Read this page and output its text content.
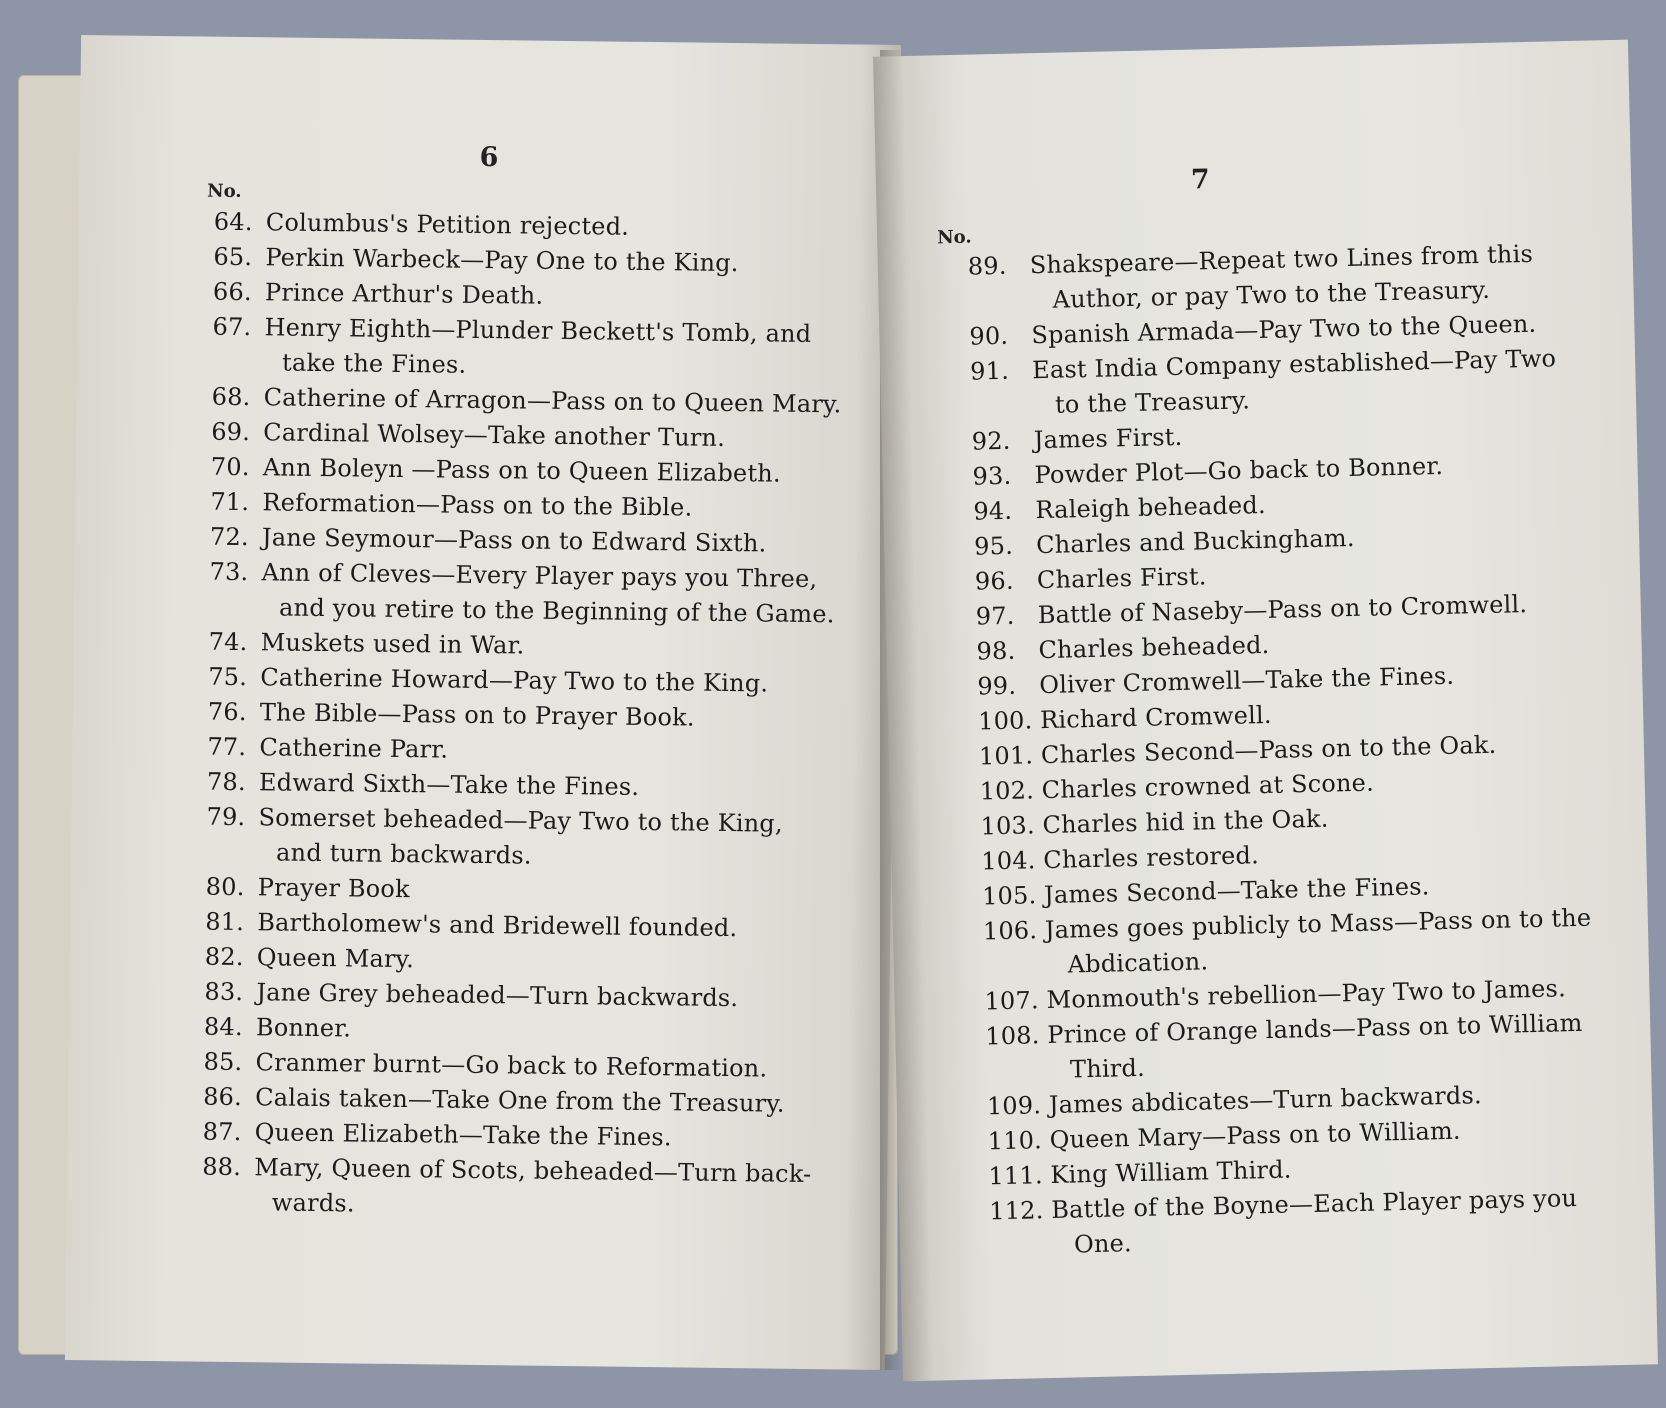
6
No.
64. Columbus's Petition rejected.
65. Perkin Warbeck—Pay One to the King.
66. Prince Arthur's Death.
67. Henry Eighth—Plunder Beckett's Tomb, and
take the Fines.
68. Catherine of Arragon—Pass on to Queen Mary.
69. Cardinal Wolsey—Take another Turn.
70. Ann Boleyn —Pass on to Queen Elizabeth.
71. Reformation—Pass on to the Bible.
72. Jane Seymour—Pass on to Edward Sixth.
73. Ann of Cleves—Every Player pays you Three,
and you retire to the Beginning of the Game.
74. Muskets used in War.
75. Catherine Howard—Pay Two to the King.
76. The Bible—Pass on to Prayer Book.
77. Catherine Parr.
78. Edward Sixth—Take the Fines.
79. Somerset beheaded—Pay Two to the King,
and turn backwards.
80. Prayer Book
81. Bartholomew's and Bridewell founded.
82. Queen Mary.
83. Jane Grey beheaded—Turn backwards.
84. Bonner.
85. Cranmer burnt—Go back to Reformation.
86. Calais taken—Take One from the Treasury.
87. Queen Elizabeth—Take the Fines.
88. Mary, Queen of Scots, beheaded—Turn back-
wards.
7
No.
89. Shakspeare—Repeat two Lines from this
Author, or pay Two to the Treasury.
90. Spanish Armada—Pay Two to the Queen.
91. East India Company established—Pay Two
to the Treasury.
92. James First.
93. Powder Plot—Go back to Bonner.
94. Raleigh beheaded.
95. Charles and Buckingham.
96. Charles First.
97. Battle of Naseby—Pass on to Cromwell.
98. Charles beheaded.
99. Oliver Cromwell—Take the Fines.
100. Richard Cromwell.
101. Charles Second—Pass on to the Oak.
102. Charles crowned at Scone.
103. Charles hid in the Oak.
104. Charles restored.
105. James Second—Take the Fines.
106. James goes publicly to Mass—Pass on to the
Abdication.
107. Monmouth's rebellion—Pay Two to James.
108. Prince of Orange lands—Pass on to William
Third.
109. James abdicates—Turn backwards.
110. Queen Mary—Pass on to William.
111. King William Third.
112. Battle of the Boyne—Each Player pays you
One.
